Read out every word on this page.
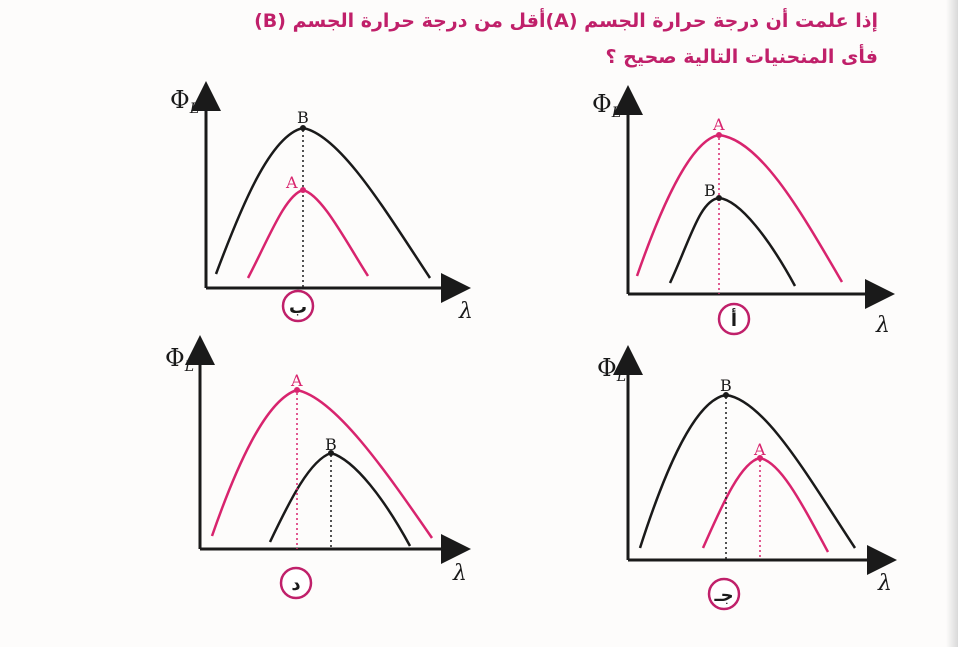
إذا علمت أن درجة حرارة الجسم (A)أقل من درجة حرارة الجسم (B)
فأى المنحنيات التالية صحيح ؟
$\Phi_L$
λ
A
B
أ
$\Phi_L$
λ
B
A
ب
$\Phi_L$
λ
B
A
جـ
$\Phi_L$
λ
A
B
د
